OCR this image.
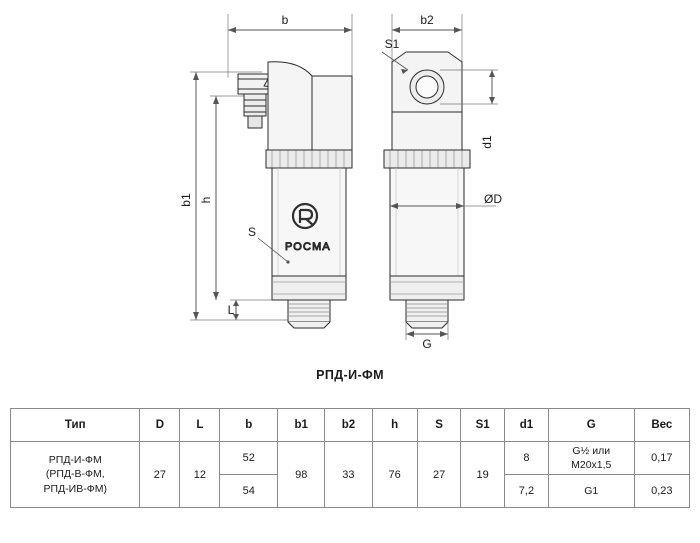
РОСМА
b	b2
b1 h
L
S
S1
d1
ØD
G
РПД-И-ФМ
Тип	D	L	b	b1	b2	h	S	S1	d1	G	Вес

РПД-И-ФМ
(РПД-В-ФМ,
РПД-ИВ-ФМ)	27	12	52	98	33	76	27	19	8	G½ или
M20x1,5	0,17
			54						7,2	G1	0,23
